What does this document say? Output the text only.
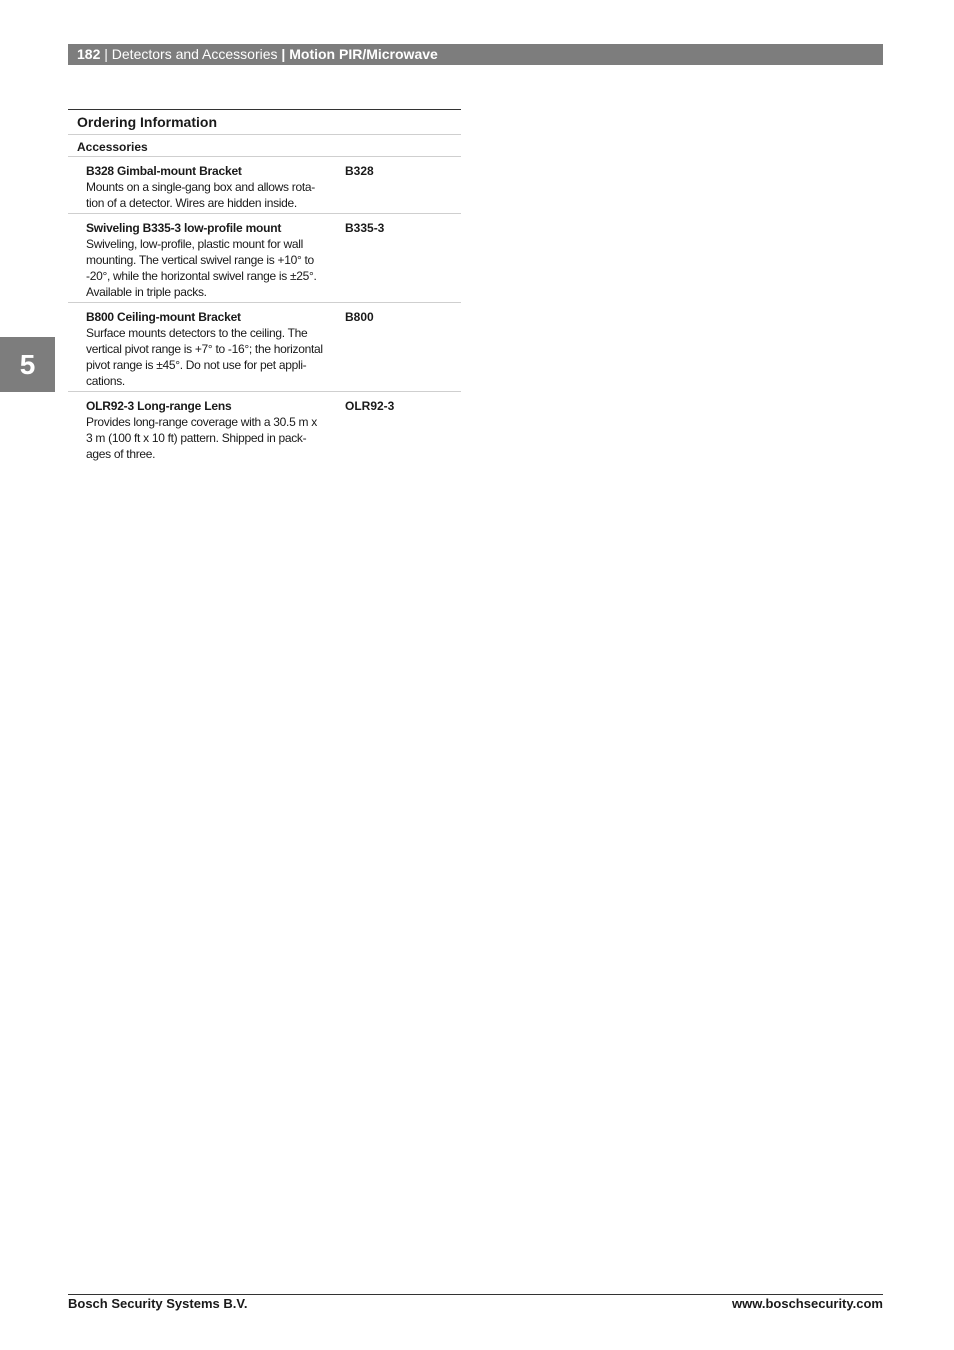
182 | Detectors and Accessories | Motion PIR/Microwave
5
Ordering Information
Accessories
B328 Gimbal-mount Bracket
Mounts on a single-gang box and allows rota-
tion of a detector. Wires are hidden inside.
B328
Swiveling B335-3 low-profile mount
Swiveling, low-profile, plastic mount for wall
mounting. The vertical swivel range is +10° to
-20°, while the horizontal swivel range is ±25°.
Available in triple packs.
B335-3
B800 Ceiling-mount Bracket
Surface mounts detectors to the ceiling. The
vertical pivot range is +7° to -16°; the horizontal
pivot range is ±45°. Do not use for pet appli-
cations.
B800
OLR92-3 Long-range Lens
Provides long-range coverage with a 30.5 m x
3 m (100 ft x 10 ft) pattern. Shipped in pack-
ages of three.
OLR92-3
Bosch Security Systems B.V.	www.boschsecurity.com
